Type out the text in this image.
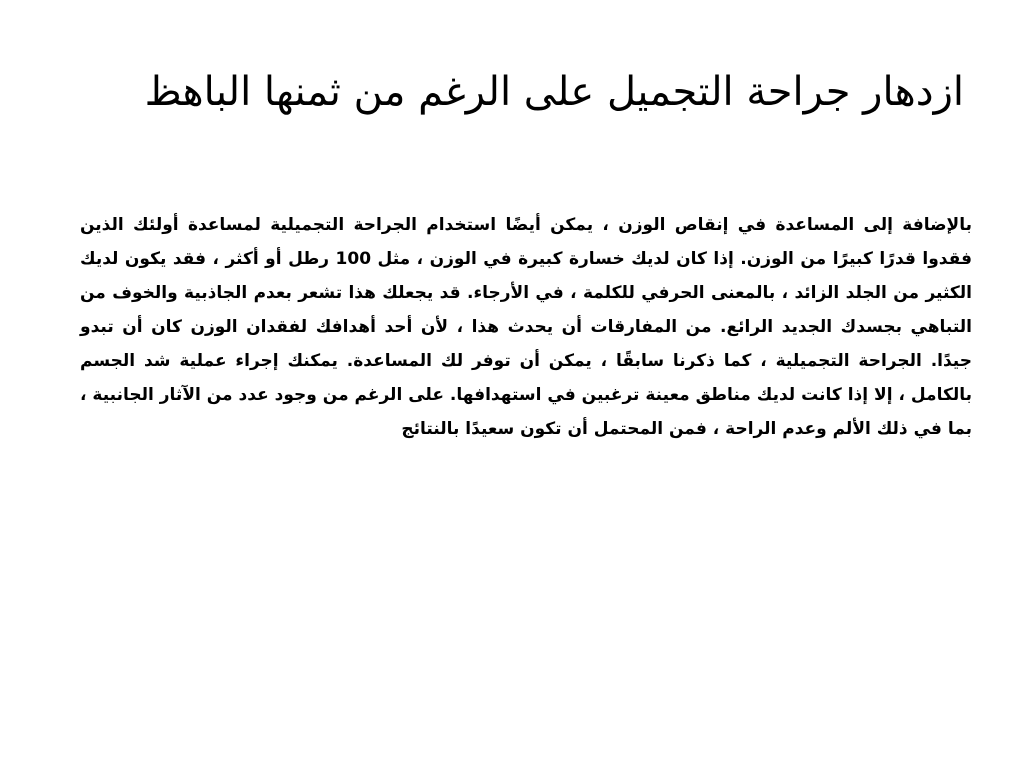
ازدهار جراحة التجميل على الرغم من ثمنها الباهظ

بالإضافة إلى المساعدة في إنقاص الوزن ، يمكن أيضًا استخدام الجراحة التجميلية لمساعدة أولئك الذين فقدوا قدرًا كبيرًا من الوزن. إذا كان لديك خسارة كبيرة في الوزن ، مثل 100 رطل أو أكثر ، فقد يكون لديك الكثير من الجلد الزائد ، بالمعنى الحرفي للكلمة ، في الأرجاء. قد يجعلك هذا تشعر بعدم الجاذبية والخوف من التباهي بجسدك الجديد الرائع. من المفارقات أن يحدث هذا ، لأن أحد أهدافك لفقدان الوزن كان أن تبدو جيدًا. الجراحة التجميلية ، كما ذكرنا سابقًا ، يمكن أن توفر لك المساعدة. يمكنك إجراء عملية شد الجسم بالكامل ، إلا إذا كانت لديك مناطق معينة ترغبين في استهدافها. على الرغم من وجود عدد من الآثار الجانبية ، بما في ذلك الألم وعدم الراحة ، فمن المحتمل أن تكون سعيدًا بالنتائج
